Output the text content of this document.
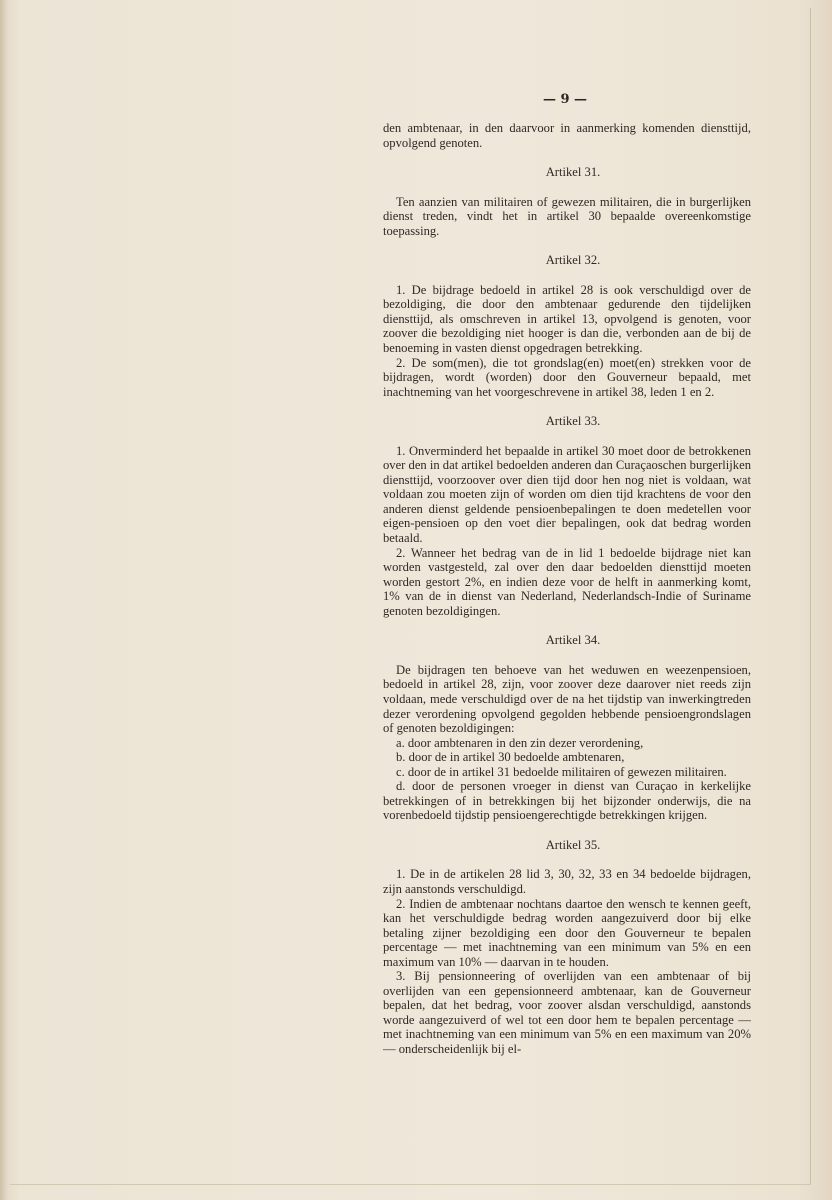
— 9 —

den ambtenaar, in den daarvoor in aanmerking komenden diensttijd, opvolgend genoten.

Artikel 31.

Ten aanzien van militairen of gewezen militairen, die in burgerlijken dienst treden, vindt het in artikel 30 bepaalde overeenkomstige toepassing.

Artikel 32.

1. De bijdrage bedoeld in artikel 28 is ook verschuldigd over de bezoldiging, die door den ambtenaar gedurende den tijdelijken diensttijd, als omschreven in artikel 13, opvolgend is genoten, voor zoover die bezoldiging niet hooger is dan die, verbonden aan de bij de benoeming in vasten dienst opgedragen betrekking.

2. De som(men), die tot grondslag(en) moet(en) strekken voor de bijdragen, wordt (worden) door den Gouverneur bepaald, met inachtneming van het voorgeschrevene in artikel 38, leden 1 en 2.

Artikel 33.

1. Onverminderd het bepaalde in artikel 30 moet door de betrokkenen over den in dat artikel bedoelden anderen dan Curaçaoschen burgerlijken diensttijd, voorzoover over dien tijd door hen nog niet is voldaan, wat voldaan zou moeten zijn of worden om dien tijd krachtens de voor den anderen dienst geldende pensioenbepalingen te doen medetellen voor eigen-pensioen op den voet dier bepalingen, ook dat bedrag worden betaald.

2. Wanneer het bedrag van de in lid 1 bedoelde bijdrage niet kan worden vastgesteld, zal over den daar bedoelden diensttijd moeten worden gestort 2%, en indien deze voor de helft in aanmerking komt, 1% van de in dienst van Nederland, Nederlandsch-Indie of Suriname genoten bezoldigingen.

Artikel 34.

De bijdragen ten behoeve van het weduwen en weezenpensioen, bedoeld in artikel 28, zijn, voor zoover deze daarover niet reeds zijn voldaan, mede verschuldigd over de na het tijdstip van inwerkingtreden dezer verordening opvolgend gegolden hebbende pensioengrondslagen of genoten bezoldigingen:

a. door ambtenaren in den zin dezer verordening,

b. door de in artikel 30 bedoelde ambtenaren,

c. door de in artikel 31 bedoelde militairen of gewezen militairen.

d. door de personen vroeger in dienst van Curaçao in kerkelijke betrekkingen of in betrekkingen bij het bijzonder onderwijs, die na vorenbedoeld tijdstip pensioengerechtigde betrekkingen krijgen.

Artikel 35.

1. De in de artikelen 28 lid 3, 30, 32, 33 en 34 bedoelde bijdragen, zijn aanstonds verschuldigd.

2. Indien de ambtenaar nochtans daartoe den wensch te kennen geeft, kan het verschuldigde bedrag worden aangezuiverd door bij elke betaling zijner bezoldiging een door den Gouverneur te bepalen percentage — met inachtneming van een minimum van 5% en een maximum van 10% — daarvan in te houden.

3. Bij pensionneering of overlijden van een ambtenaar of bij overlijden van een gepensionneerd ambtenaar, kan de Gouverneur bepalen, dat het bedrag, voor zoover alsdan verschuldigd, aanstonds worde aangezuiverd of wel tot een door hem te bepalen percentage — met inachtneming van een minimum van 5% en een maximum van 20% — onderscheidenlijk bij el-
